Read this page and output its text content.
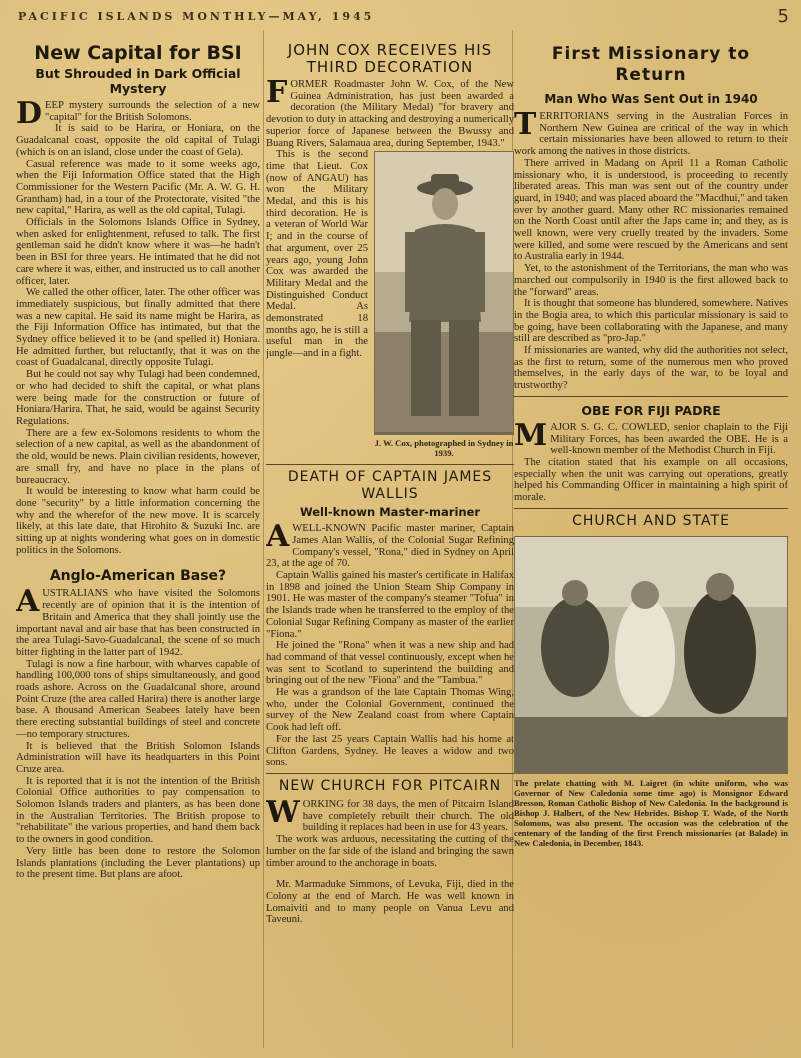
PACIFIC ISLANDS MONTHLY—MAY, 1945	5
New Capital for BSI
But Shrouded in Dark Official Mystery

DEEP mystery surrounds the selection of a new "capital" for the British Solomons.

It is said to be Harira, or Honiara, on the Guadalcanal coast, opposite the old capital of Tulagi (which is on an island, close under the coast of Gela).

Casual reference was made to it some weeks ago, when the Fiji Information Office stated that the High Commissioner for the Western Pacific (Mr. A. W. G. H. Grantham) had, in a tour of the Protectorate, visited "the new capital," Harira, as well as the old capital, Tulagi.

Officials in the Solomons Islands Office in Sydney, when asked for enlightenment, refused to talk. The first gentleman said he didn't know where it was—he hadn't been in BSI for three years. He intimated that he did not care where it was, either, and instructed us to call another officer, later.

We called the other officer, later. The other officer was immediately suspicious, but finally admitted that there was a new capital. He said its name might be Harira, as the Fiji Information Office has intimated, but that the Sydney office believed it to be (and spelled it) Honiara. He admitted further, but reluctantly, that it was on the coast of Guadalcanal, directly opposite Tulagi.

But he could not say why Tulagi had been condemned, or who had decided to shift the capital, or what plans were being made for the construction or future of Honiara/Harira. That, he said, would be against Security Regulations.

There are a few ex-Solomons residents to whom the selection of a new capital, as well as the abandonment of the old, would be news. Plain civilian residents, however, are small fry, and have no place in the plans of bureaucracy.

It would be interesting to know what harm could be done "security" by a little information concerning the why and the wherefor of the new move. It is scarcely likely, at this late date, that Hirohito & Suzuki Inc. are sitting up at nights wondering what goes on in domestic politics in the Solomons.

Anglo-American Base?

AUSTRALIANS who have visited the Solomons recently are of opinion that it is the intention of Britain and America that they shall jointly use the important naval and air base that has been constructed in the area Tulagi-Savo-Guadalcanal, the scene of so much bitter fighting in the latter part of 1942.

Tulagi is now a fine harbour, with wharves capable of handling 100,000 tons of ships simultaneously, and good roads ashore. Across on the Guadalcanal shore, around Point Cruze (the area called Harira) there is another large base. A thousand American Seabees lately have been there erecting substantial buildings of steel and concrete—no temporary structures.

It is believed that the British Solomon Islands Administration will have its headquarters in this Point Cruze area.

It is reported that it is not the intention of the British Colonial Office authorities to pay compensation to Solomon Islands traders and planters, as has been done in the Australian Territories. The British propose to "rehabilitate" the various properties, and hand them back to the owners in good condition.

Very little has been done to restore the Solomon Islands plantations (including the Lever plantations) up to the present time. But plans are afoot.

JOHN COX RECEIVES HIS THIRD DECORATION

FORMER Roadmaster John W. Cox, of the New Guinea Administration, has just been awarded a decoration (the Military Medal) "for bravery and devotion to duty in attacking and destroying a numerically superior force of Japanese between the Bwussy and Buang Rivers, Salamaua area, during September, 1943."

J. W. Cox, photographed in Sydney in 1939.

This is the second time that Lieut. Cox (now of ANGAU) has won the Military Medal, and this is his third decoration. He is a veteran of World War I; and in the course of that argument, over 25 years ago, young John Cox was awarded the Military Medal and the Distinguished Conduct Medal. As demonstrated 18 months ago, he is still a useful man in the jungle—and in a fight.

DEATH OF CAPTAIN JAMES WALLIS
Well-known Master-mariner

AWELL-KNOWN Pacific master mariner, Captain James Alan Wallis, of the Colonial Sugar Refining Company's vessel, "Rona," died in Sydney on April 23, at the age of 70.

Captain Wallis gained his master's certificate in Halifax in 1898 and joined the Union Steam Ship Company in 1901. He was master of the company's steamer "Tofua" in the Islands trade when he transferred to the employ of the Colonial Sugar Refining Company as master of the earlier "Fiona."

He joined the "Rona" when it was a new ship and had had command of that vessel continuously, except when he was sent to Scotland to superintend the building and bringing out of the new "Fiona" and the "Tambua."

He was a grandson of the late Captain Thomas Wing, who, under the Colonial Government, continued the survey of the New Zealand coast from where Captain Cook had left off.

For the last 25 years Captain Wallis had his home at Clifton Gardens, Sydney. He leaves a widow and two sons.

NEW CHURCH FOR PITCAIRN

WORKING for 38 days, the men of Pitcairn Island have completely rebuilt their church. The old building it replaces had been in use for 43 years.

The work was arduous, necessitating the cutting of the lumber on the far side of the island and bringing the sawn timber around to the anchorage in boats.

Mr. Marmaduke Simmons, of Levuka, Fiji, died in the Colony at the end of March. He was well known in Lomaiviti and to many people on Vanua Levu and Taveuni.

First Missionary to Return
Man Who Was Sent Out in 1940

TERRITORIANS serving in the Australian Forces in Northern New Guinea are critical of the way in which certain missionaries have been allowed to return to their work among the natives in those districts.

There arrived in Madang on April 11 a Roman Catholic missionary who, it is understood, is proceeding to recently liberated areas. This man was sent out of the country under guard, in 1940; and was placed aboard the "Macdhui," and taken over by another guard. Many other RC missionaries remained on the North Coast until after the Japs came in; and they, as is well known, were very cruelly treated by the invaders. Some were killed, and some were rescued by the Americans and sent to Australia early in 1944.

Yet, to the astonishment of the Territorians, the man who was marched out compulsorily in 1940 is the first allowed back to the "forward" areas.

It is thought that someone has blundered, somewhere. Natives in the Bogia area, to which this particular missionary is said to be going, have been collaborating with the Japanese, and many still are described as "pro-Jap."

If missionaries are wanted, why did the authorities not select, as the first to return, some of the numerous men who proved themselves, in the early days of the war, to be loyal and trustworthy?

OBE FOR FIJI PADRE

MAJOR S. G. C. COWLED, senior chaplain to the Fiji Military Forces, has been awarded the OBE. He is a well-known member of the Methodist Church in Fiji.

The citation stated that his example on all occasions, especially when the unit was carrying out operations, greatly helped his Commanding Officer in maintaining a high spirit of morale.

CHURCH AND STATE

The prelate chatting with M. Laigret (in white uniform, who was Governor of New Caledonia some time ago) is Monsignor Edward Bresson, Roman Catholic Bishop of New Caledonia. In the background is Bishop J. Halbert, of the New Hebrides. Bishop T. Wade, of the North Solomons, was also present. The occasion was the celebration of the centenary of the landing of the first French missionaries (at Balade) in New Caledonia, in December, 1843.
